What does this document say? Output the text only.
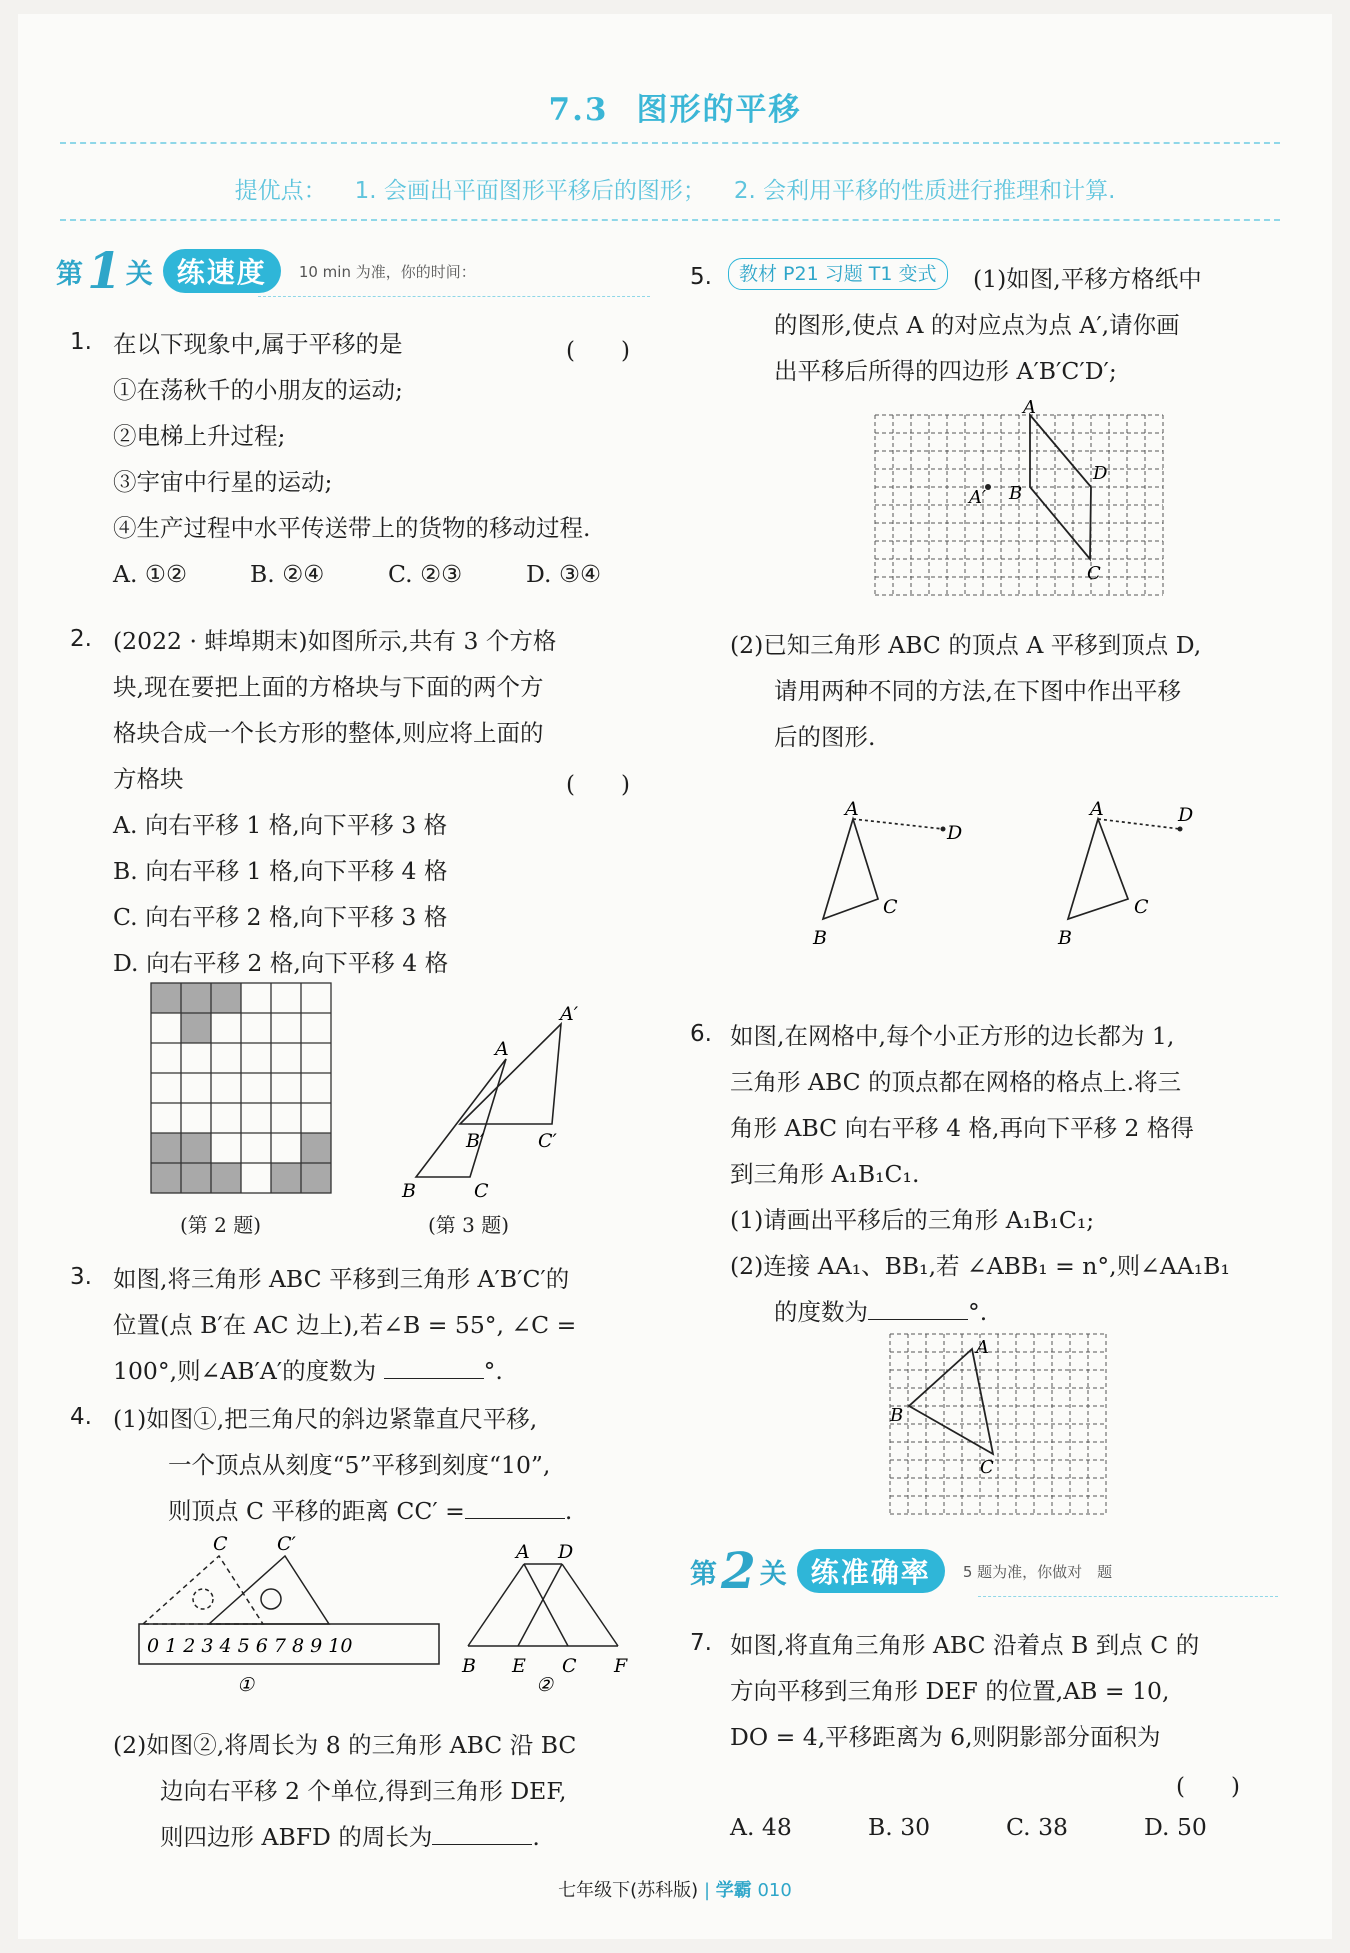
7.3 图形的平移
提优点： 1. 会画出平面图形平移后的图形； 2. 会利用平移的性质进行推理和计算.
第 1 关 练速度	10 min 为准，你的时间：
1. 在以下现象中,属于平移的是	(　　)
①在荡秋千的小朋友的运动;
②电梯上升过程;
③宇宙中行星的运动;
④生产过程中水平传送带上的货物的移动过程.
A. ①②	B. ②④	C. ②③	D. ③④
2. (2022 · 蚌埠期末)如图所示,共有 3 个方格
块,现在要把上面的方格块与下面的两个方
格块合成一个长方形的整体,则应将上面的
方格块	(　　)
A. 向右平移 1 格,向下平移 3 格
B. 向右平移 1 格,向下平移 4 格
C. 向右平移 2 格,向下平移 3 格
D. 向右平移 2 格,向下平移 4 格
(第 2 题)
A
B	C
A′
B′	C′
(第 3 题)
3. 如图,将三角形 ABC 平移到三角形 A′B′C′的
位置(点 B′在 AC 边上),若∠B = 55°, ∠C =
100°,则∠AB′A′的度数为	°.
4. (1)如图①,把三角尺的斜边紧靠直尺平移,
一个顶点从刻度“5”平移到刻度“10”,
则顶点 C 平移的距离 CC′ =	.
C	C′
0 1 2 3 4 5 6 7 8 9 10
①
A D
B E C F
②
(2)如图②,将周长为 8 的三角形 ABC 沿 BC
边向右平移 2 个单位,得到三角形 DEF,
则四边形 ABFD 的周长为	.
5.	教材 P21 习题 T1 变式	(1)如图,平移方格纸中
的图形,使点 A 的对应点为点 A′,请你画
出平移后所得的四边形 A′B′C′D′;
A
B
D
C
A′
(2)已知三角形 ABC 的顶点 A 平移到顶点 D,
请用两种不同的方法,在下图中作出平移
后的图形.
A
B
C
D
A
B
C
D
6. 如图,在网格中,每个小正方形的边长都为 1,
三角形 ABC 的顶点都在网格的格点上.将三
角形 ABC 向右平移 4 格,再向下平移 2 格得
到三角形 A₁B₁C₁.
(1)请画出平移后的三角形 A₁B₁C₁;
(2)连接 AA₁、BB₁,若 ∠ABB₁ = n°,则∠AA₁B₁
的度数为	°.
A
B
C
第 2 关 练准确率	5 题为准，你做对　题
7. 如图,将直角三角形 ABC 沿着点 B 到点 C 的
方向平移到三角形 DEF 的位置,AB = 10,
DO = 4,平移距离为 6,则阴影部分面积为
(　　)
A. 48	B. 30	C. 38	D. 50
七年级下(苏科版) | 学霸 010
